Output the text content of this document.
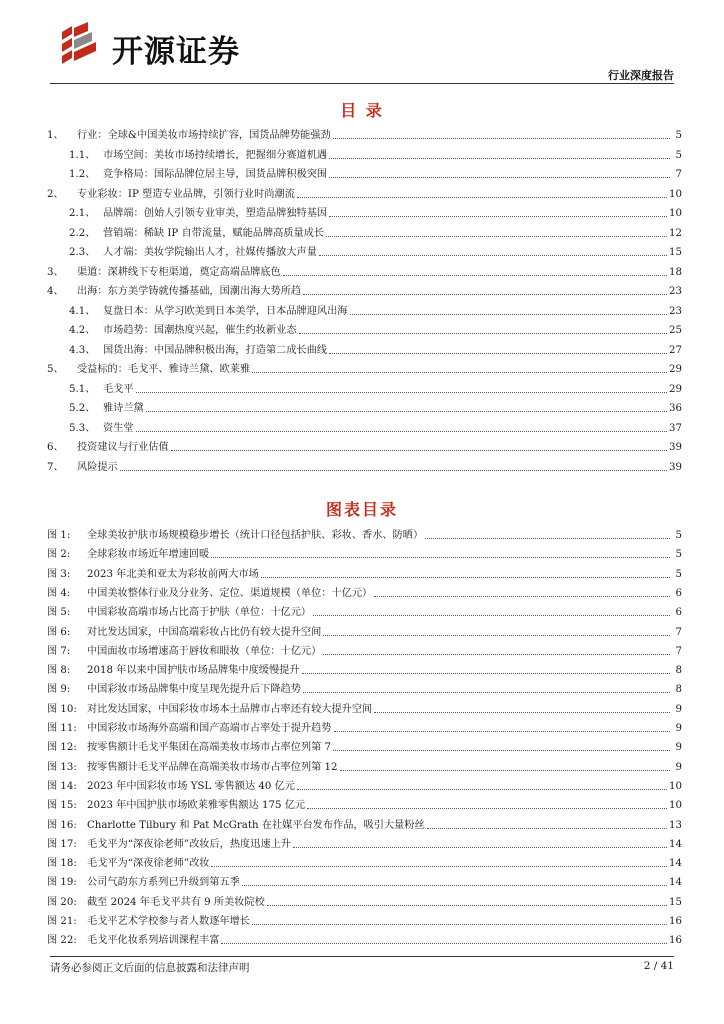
开源证券
行业深度报告
目 录
1、	行业：全球&中国美妆市场持续扩容，国货品牌势能强劲	5
1.1、 市场空间：美妆市场持续增长，把握细分赛道机遇	5
1.2、 竞争格局：国际品牌位居主导，国货品牌积极突围	7
2、	专业彩妆：IP 塑造专业品牌，引领行业时尚潮流	10
2.1、 品牌端：创始人引领专业审美，塑造品牌独特基因	10
2.2、 营销端：稀缺 IP 自带流量，赋能品牌高质量成长	12
2.3、 人才端：美妆学院输出人才，社媒传播放大声量	15
3、	渠道：深耕线下专柜渠道，奠定高端品牌底色	18
4、	出海：东方美学铸就传播基础，国潮出海大势所趋	23
4.1、 复盘日本：从学习欧美到日本美学，日本品牌迎风出海	23
4.2、 市场趋势：国潮热度兴起，催生约妆新业态	25
4.3、 国货出海：中国品牌积极出海，打造第二成长曲线	27
5、	受益标的：毛戈平、雅诗兰黛、欧莱雅	29
5.1、 毛戈平	29
5.2、 雅诗兰黛	36
5.3、 资生堂	37
6、	投资建议与行业估值	39
7、	风险提示	39
图表目录
图 1:	全球美妆护肤市场规模稳步增长（统计口径包括护肤、彩妆、香水、防晒）	5
图 2:	全球彩妆市场近年增速回暖	5
图 3:	2023 年北美和亚太为彩妆前两大市场	5
图 4:	中国美妆整体行业及分业务、定位、渠道规模（单位：十亿元）	6
图 5:	中国彩妆高端市场占比高于护肤（单位：十亿元）	6
图 6:	对比发达国家，中国高端彩妆占比仍有较大提升空间	7
图 7:	中国面妆市场增速高于唇妆和眼妆（单位：十亿元）	7
图 8:	2018 年以来中国护肤市场品牌集中度缓慢提升	8
图 9:	中国彩妆市场品牌集中度呈现先提升后下降趋势	8
图 10: 对比发达国家，中国彩妆市场本土品牌市占率还有较大提升空间	9
图 11: 中国彩妆市场海外高端和国产高端市占率处于提升趋势	9
图 12: 按零售额计毛戈平集团在高端美妆市场市占率位列第 7	9
图 13: 按零售额计毛戈平品牌在高端美妆市场市占率位列第 12	9
图 14: 2023 年中国彩妆市场 YSL 零售额达 40 亿元	10
图 15: 2023 年中国护肤市场欧莱雅零售额达 175 亿元	10
图 16: Charlotte Tilbury 和 Pat McGrath 在社媒平台发布作品，吸引大量粉丝	13
图 17: 毛戈平为“深夜徐老师”改妆后，热度迅速上升	14
图 18: 毛戈平为“深夜徐老师”改妆	14
图 19: 公司气韵东方系列已升级到第五季	14
图 20: 截至 2024 年毛戈平共有 9 所美妆院校	15
图 21: 毛戈平艺术学校参与者人数逐年增长	16
图 22: 毛戈平化妆系列培训课程丰富	16
请务必参阅正文后面的信息披露和法律声明	2 / 41
